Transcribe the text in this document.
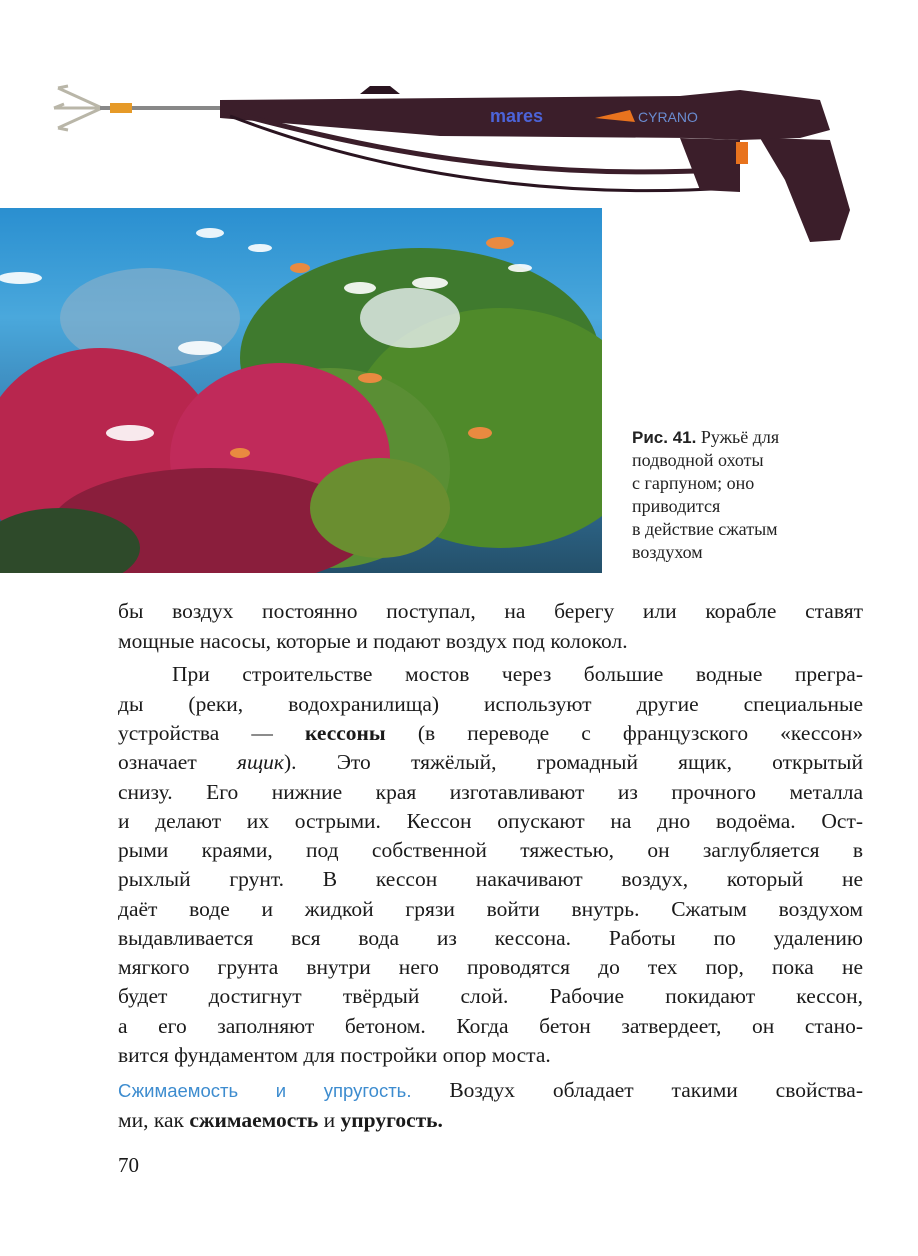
mares	CYRANO
Рис. 41. Ружьё для
подводной охоты
с гарпуном; оно
приводится
в действие сжатым
воздухом
бы воздух постоянно поступал, на берегу или корабле ставят
мощные насосы, которые и подают воздух под колокол.
При строительстве мостов через большие водные прегра-
ды (реки, водохранилища) используют другие специальные
устройства — кессоны (в переводе с французского «кессон»
означает ящик). Это тяжёлый, громадный ящик, открытый
снизу. Его нижние края изготавливают из прочного металла
и делают их острыми. Кессон опускают на дно водоёма. Ост-
рыми краями, под собственной тяжестью, он заглубляется в
рыхлый грунт. В кессон накачивают воздух, который не
даёт воде и жидкой грязи войти внутрь. Сжатым воздухом
выдавливается вся вода из кессона. Работы по удалению
мягкого грунта внутри него проводятся до тех пор, пока не
будет достигнут твёрдый слой. Рабочие покидают кессон,
а его заполняют бетоном. Когда бетон затвердеет, он стано-
вится фундаментом для постройки опор моста.
Сжимаемость и упругость. Воздух обладает такими свойства-
ми, как сжимаемость и упругость.
70
